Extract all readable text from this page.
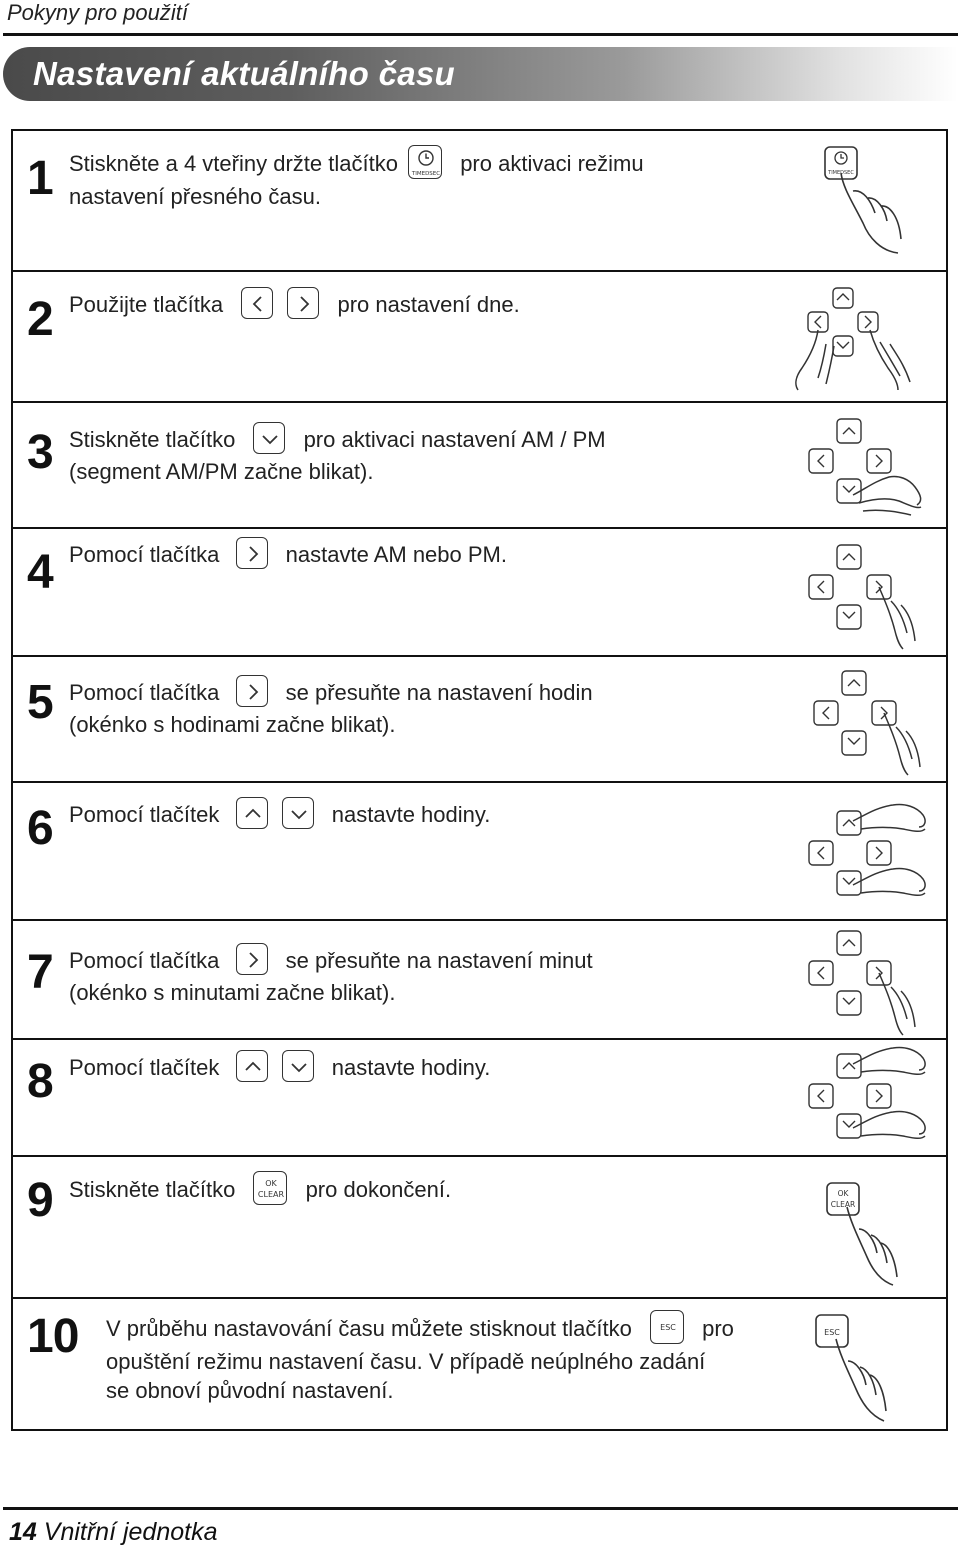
Pokyny pro použití
Nastavení aktuálního času
1 Stiskněte a 4 vteřiny držte tlačítko	TIMEDSEC pro aktivaci režimu
nastavení přesného času.
TIMEDSEC
2 Použijte tlačítka
	pro nastavení dne.
3 Stiskněte tlačítko	pro aktivaci nastavení AM / PM
(segment AM/PM začne blikat).
4 Pomocí tlačítka	nastavte AM nebo PM.
5 Pomocí tlačítka	se přesuňte na nastavení hodin
(okénko s hodinami začne blikat).
6 Pomocí tlačítek
	nastavte hodiny.
7 Pomocí tlačítka	se přesuňte na nastavení minut
(okénko s minutami začne blikat).
8 Pomocí tlačítek
	nastavte hodiny.
9 Stiskněte tlačítko	OK
CLEAR pro dokončení.	OK
CLEAR
10 V průběhu nastavování času můžete stisknout tlačítko	ESC pro
opuštění režimu nastavení času. V případě neúplného zadání
se obnoví původní nastavení.
ESC
14 Vnitřní jednotka
